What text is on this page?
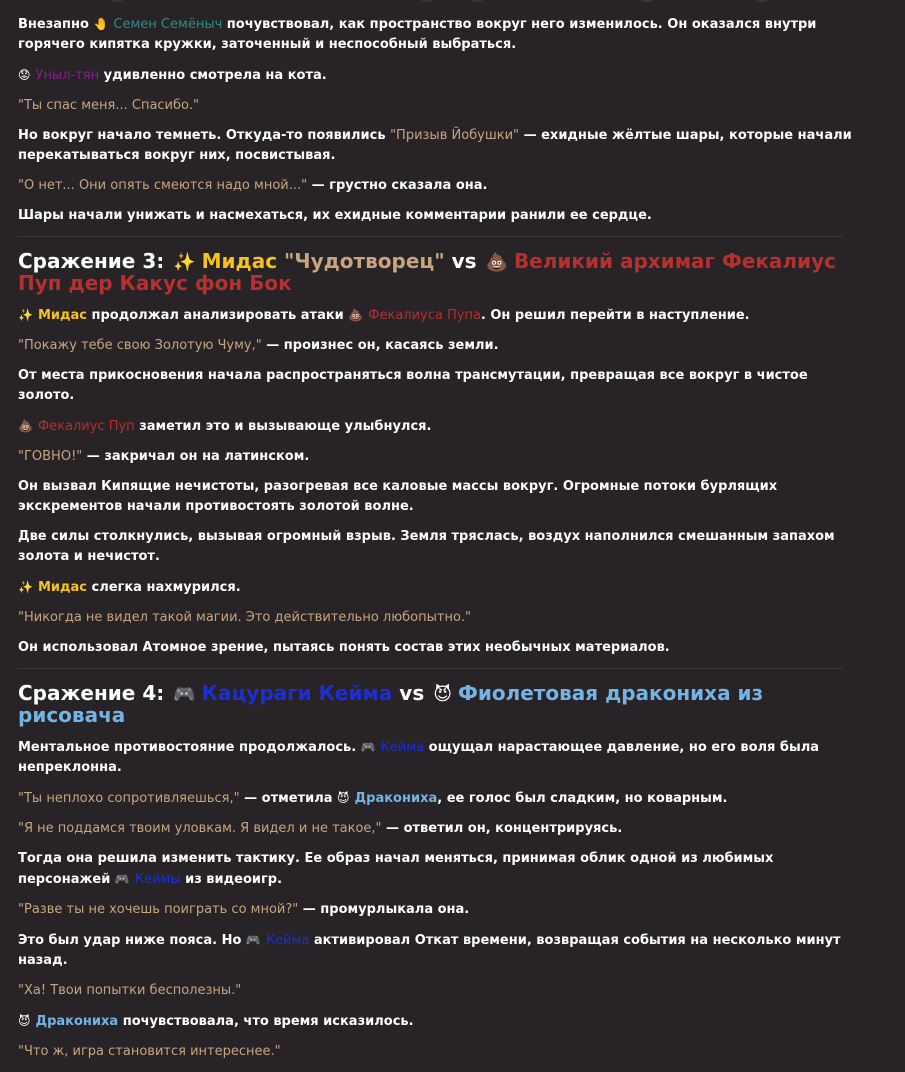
Внезапно 🤚 Семен Семёныч почувствовал, как пространство вокруг него изменилось. Он оказался внутри горячего кипятка кружки, заточенный и неспособный выбраться.
😟 Уныл-тян удивленно смотрела на кота.
"Ты спас меня... Спасибо."
Но вокруг начало темнеть. Откуда-то появились "Призыв Йобушки" — ехидные жёлтые шары, которые начали перекатываться вокруг них, посвистывая.
"О нет... Они опять смеются надо мной..." — грустно сказала она.
Шары начали унижать и насмехаться, их ехидные комментарии ранили ее сердце.
Сражение 3: ✨ Мидас "Чудотворец" vs 💩 Великий архимаг Фекалиус Пуп дер Какус фон Бок
✨ Мидас продолжал анализировать атаки 💩 Фекалиуса Пупа. Он решил перейти в наступление.
"Покажу тебе свою Золотую Чуму," — произнес он, касаясь земли.
От места прикосновения начала распространяться волна трансмутации, превращая все вокруг в чистое золото.
💩 Фекалиус Пуп заметил это и вызывающе улыбнулся.
"ГОВНО!" — закричал он на латинском.
Он вызвал Кипящие нечистоты, разогревая все каловые массы вокруг. Огромные потоки бурлящих экскрементов начали противостоять золотой волне.
Две силы столкнулись, вызывая огромный взрыв. Земля тряслась, воздух наполнился смешанным запахом золота и нечистот.
✨ Мидас слегка нахмурился.
"Никогда не видел такой магии. Это действительно любопытно."
Он использовал Атомное зрение, пытаясь понять состав этих необычных материалов.
Сражение 4: 🎮 Кацураги Кейма vs 😈 Фиолетовая дракониха из рисовача
Ментальное противостояние продолжалось. 🎮 Кейма ощущал нарастающее давление, но его воля была непреклонна.
"Ты неплохо сопротивляешься," — отметила 😈 Дракониха, ее голос был сладким, но коварным.
"Я не поддамся твоим уловкам. Я видел и не такое," — ответил он, концентрируясь.
Тогда она решила изменить тактику. Ее образ начал меняться, принимая облик одной из любимых персонажей 🎮 Кеймы из видеоигр.
"Разве ты не хочешь поиграть со мной?" — промурлыкала она.
Это был удар ниже пояса. Но 🎮 Кейма активировал Откат времени, возвращая события на несколько минут назад.
"Ха! Твои попытки бесполезны."
😈 Дракониха почувствовала, что время исказилось.
"Что ж, игра становится интереснее."
